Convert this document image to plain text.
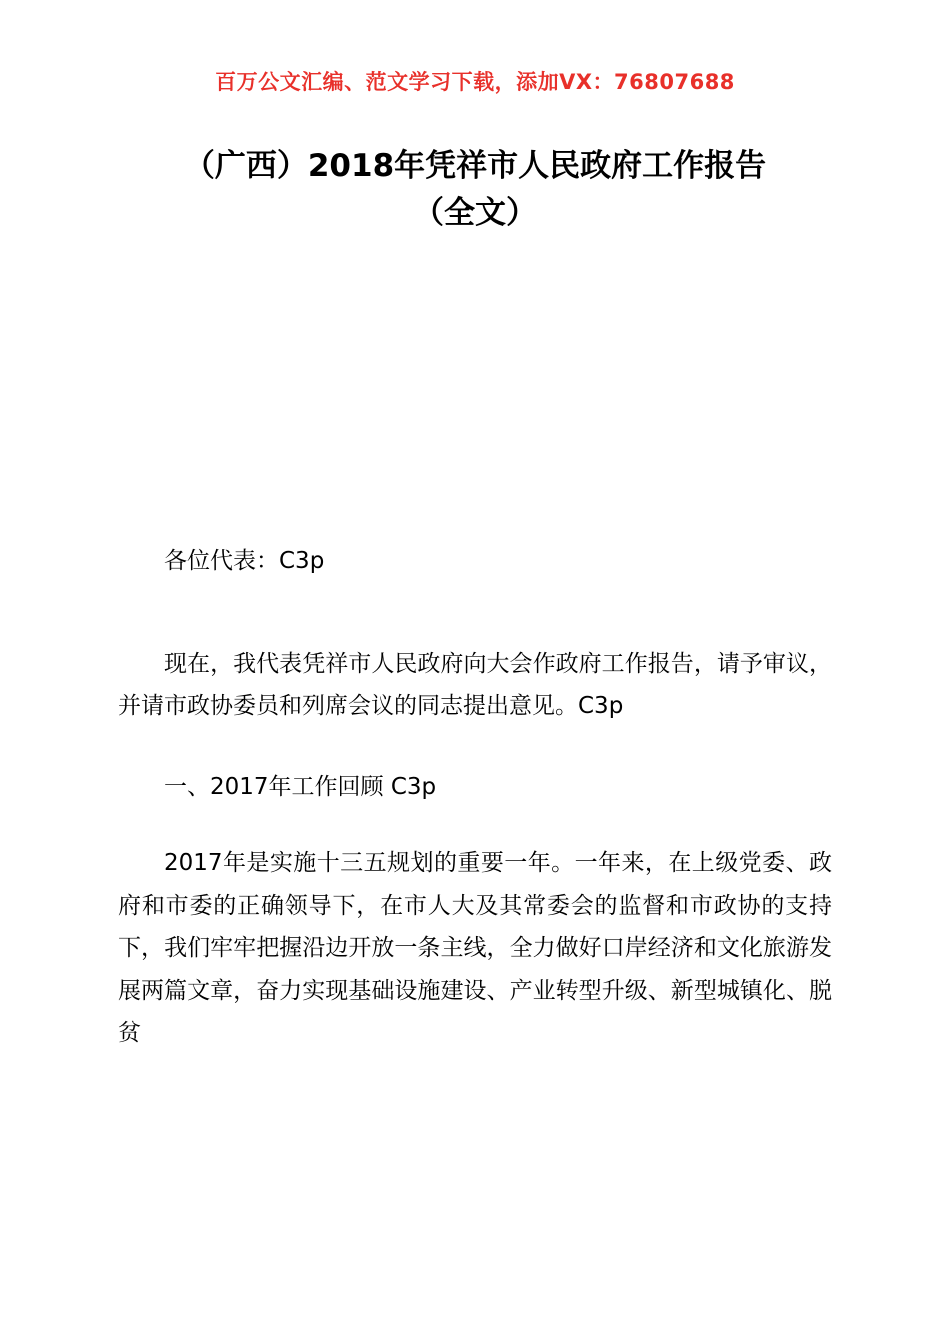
百万公文汇编、范文学习下载，添加VX：76807688
（广西）2018年凭祥市人民政府工作报告
（全文）

各位代表：C3p

现在，我代表凭祥市人民政府向大会作政府工作报告，请予审议，并请市政协委员和列席会议的同志提出意见。C3p

一、2017年工作回顾 C3p

2017年是实施十三五规划的重要一年。一年来，在上级党委、政府和市委的正确领导下，在市人大及其常委会的监督和市政协的支持下，我们牢牢把握沿边开放一条主线，全力做好口岸经济和文化旅游发展两篇文章，奋力实现基础设施建设、产业转型升级、新型城镇化、脱贫
